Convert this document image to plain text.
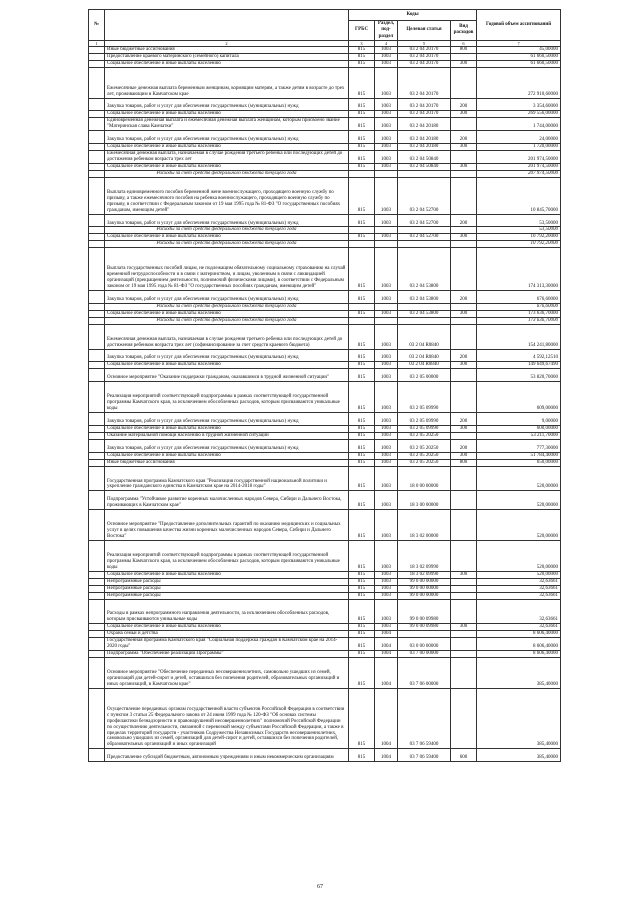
№		Коды				Годовой объем ассигнований
		ГРБС	Раздел, под- раздел	Целевая статья	Вид расходов	
1	2	3	4	5	6	7
	Иные бюджетные ассигнования	815	1003	03 2 04 20170	800	45,00000
	Предоставление краевого материнского (семейного) капитала	815	1003	03 2 04 20170		61 660,50000
	Социальное обеспечение и иные выплаты населению	815	1003	03 2 04 20170	300	61 660,50000
	Ежемесячные денежная выплата беременным женщинам, кормящим матерям, а также детям в возрасте до трех лет, проживающим в Камчатском крае	815	1003	03 2 04 20170		272 910,60000
	Закупка товаров, работ и услуг для обеспечения государственных (муниципальных) нужд	815	1003	03 2 04 20170	200	3 354,60000
	Социальное обеспечение и иные выплаты населению	815	1003	03 2 04 20170	300	269 556,00000
	Единовременная денежная выплата и ежемесячная денежная выплата женщинам, которым присвоено звание "Материнская слава Камчатки"	815	1003	03 2 04 20180		1 744,00000
	Закупка товаров, работ и услуг для обеспечения государственных (муниципальных) нужд	815	1003	03 2 04 20180	200	24,00000
	Социальное обеспечение и иные выплаты населению	815	1003	03 2 04 20180	300	1 720,00000
	Ежемесячная денежная выплата, назначаемая в случае рождения третьего ребенка или последующих детей до достижения ребенком возраста трех лет	815	1003	03 2 04 50840		201 974,50000
	Социальное обеспечение и иные выплаты населению	815	1003	03 2 04 50840	300	201 974,50000
	Расходы за счет средств федерального бюджета текущего года					207 974,50000
	Выплата единовременного пособия беременной жене военнослужащего, проходящего военную службу по призыву, а также ежемесячного пособия на ребенка военнослужащего, проходящего военную службу по призыву, в соответствии с Федеральным законом от 19 мая 1995 года № 81-ФЗ "О государственных пособиях гражданам, имеющим детей"	815	1003	03 2 04 52700		10 845,70000
	Закупка товаров, работ и услуг для обеспечения государственных (муниципальных) нужд	815	1003	03 2 04 52700	200	53,50000
	Расходы за счет средств федерального бюджета текущего года					53,50000
	Социальное обеспечение и иные выплаты населению	815	1003	03 2 04 52700	300	10 792,20000
	Расходы за счет средств федерального бюджета текущего года					10 792,20000
	Выплата государственных пособий лицам, не подлежащим обязательному социальному страхованию на случай временной нетрудоспособности и в связи с материнством, и лицам, уволенным в связи с ликвидацией организаций (прекращением деятельности, полномочий физическими лицами), в соответствии с Федеральным законом от 19 мая 1995 года № 81-ФЗ "О государственных пособиях гражданам, имеющим детей"	815	1003	03 2 04 53800		174 313,30000
	Закупка товаров, работ и услуг для обеспечения государственных (муниципальных) нужд	815	1003	03 2 04 53800	200	676,60000
	Расходы за счет средств федерального бюджета текущего года					676,60000
	Социальное обеспечение и иные выплаты населению	815	1003	03 2 04 53800	300	173 636,70000
	Расходы за счет средств федерального бюджета текущего года					173 636,70000
	Ежемесячная денежная выплата, назначаемая в случае рождения третьего ребенка или последующих детей до достижения ребенком возраста трех лет (софинансирование за счет средств краевого бюджета)	815	1003	03 2 04 R0840		154 241,80000
	Закупка товаров, работ и услуг для обеспечения государственных (муниципальных) нужд	815	1003	03 2 04 R0840	200	4 592,12510
	Социальное обеспечение и иные выплаты населению	815	1003	03 2 04 R0840	300	149 649,67490
	Основное мероприятие "Оказание поддержки гражданам, оказавшимся в трудной жизненной ситуации"	815	1003	03 2 05 00000		53 820,70000
	Реализация мероприятий соответствующей подпрограммы в рамках соответствующей государственной программы Камчатского края, за исключением обособленных расходов, которым присваиваются уникальные коды	815	1003	03 2 05 09990		609,00000
	Закупка товаров, работ и услуг для обеспечения государственных (муниципальных) нужд	815	1003	03 2 05 09990	200	9,00000
	Социальное обеспечение и иные выплаты населению	815	1003	03 2 05 09990	300	600,00000
	Оказание материальной помощи населению в трудной жизненной ситуации	815	1003	03 2 05 20250		53 211,70000
	Закупка товаров, работ и услуг для обеспечения государственных (муниципальных) нужд	815	1003	03 2 05 20250	200	777,30000
	Социальное обеспечение и иные выплаты населению	815	1003	03 2 05 20250	300	51 784,40000
	Иные бюджетные ассигнования	815	1003	03 2 05 20250	800	650,00000
	Государственная программа Камчатского края "Реализация государственной национальной политики и укрепление гражданского единства в Камчатском крае на 2014-2018 годы"	815	1003	18 0 00 00000		520,00000
	Подпрограмма "Устойчивое развитие коренных малочисленных народов Севера, Сибири и Дальнего Востока, проживающих в Камчатском крае"	815	1003	18 3 00 00000		520,00000
	Основное мероприятие "Предоставление дополнительных гарантий по оказанию медицинских и социальных услуг в целях повышения качества жизни коренных малочисленных народов Севера, Сибири и Дальнего Востока"	815	1003	18 3 02 00000		520,00000
	Реализация мероприятий соответствующей подпрограммы в рамках соответствующей государственной программы Камчатского края, за исключением обособленных расходов, которым присваиваются уникальные коды	815	1003	18 3 02 09990		520,00000
	Социальное обеспечение и иные выплаты населению	815	1003	18 3 02 09990	300	520,00000
	Непрограммные расходы	815	1003	99 0 00 00000		32,63661
	Непрограммные расходы	815	1003	99 0 00 00000		32,63661
	Непрограммные расходы	815	1003	99 0 00 00000		32,63661
	Расходы в рамках непрограммного направления деятельности, за исключением обособленных расходов, которым присваиваются уникальные коды	815	1003	99 0 00 09980		32,63661
	Социальное обеспечение и иные выплаты населению	815	1003	99 0 00 09980	300	32,63661
	Охрана семьи и детства	815	1004			8 606,40000
	Государственная программа Камчатского края "Социальная поддержка граждан в Камчатском крае на 2014-2020 годы"	815	1004	03 0 00 00000		8 606,40000
	Подпрограмма "Обеспечение реализации Программы"	815	1004	03 7 00 00000		8 606,40000
	Основное мероприятие "Обеспечение переданных несовершеннолетних, самовольно ушедших из семей, организаций для детей-сирот и детей, оставшихся без попечения родителей, образовательных организаций и иных организаций, в Камчатском крае"	815	1004	03 7 06 00000		385,40000
	Осуществление переданных органам государственной власти субъектов Российской Федерации в соответствии с пунктом 3 статьи 25 Федерального закона от 24 июня 1999 года № 120-ФЗ "Об основах системы профилактики безнадзорности и правонарушений несовершеннолетних" полномочий Российской Федерации по осуществлению деятельности, связанной с перевозкой между субъектами Российской Федерации, а также в пределах территорий государств - участников Содружества Независимых Государств несовершеннолетних, самовольно ушедших из семей, организаций для детей-сирот и детей, оставшихся без попечения родителей, образовательных организаций и иных организаций	815	1004	03 7 06 59400		385,40000
	Предоставление субсидий бюджетным, автономным учреждениям и иным некоммерческим организациям	815	1004	03 7 06 59400	600	385,40000
67
